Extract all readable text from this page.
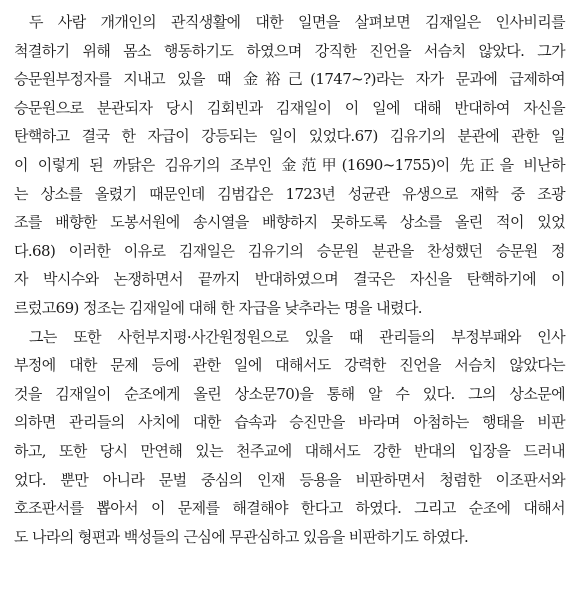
두 사람 개개인의 관직생활에 대한 일면을 살펴보면 김재일은 인사비리를
척결하기 위해 몸소 행동하기도 하였으며 강직한 진언을 서슴치 않았다. 그가
승문원부정자를 지내고 있을 때 金裕己(1747~?)라는 자가 문과에 급제하여
승문원으로 분관되자 당시 김회빈과 김재일이 이 일에 대해 반대하여 자신을
탄핵하고 결국 한 자급이 강등되는 일이 있었다.67) 김유기의 분관에 관한 일
이 이렇게 된 까닭은 김유기의 조부인 金范甲(1690~1755)이 先正을 비난하
는 상소를 올렸기 때문인데 김범갑은 1723년 성균관 유생으로 재학 중 조광
조를 배향한 도봉서원에 송시열을 배향하지 못하도록 상소를 올린 적이 있었
다.68) 이러한 이유로 김재일은 김유기의 승문원 분관을 찬성했던 승문원 정
자 박시수와 논쟁하면서 끝까지 반대하였으며 결국은 자신을 탄핵하기에 이
르렀고69) 정조는 김재일에 대해 한 자급을 낮추라는 명을 내렸다.
그는 또한 사헌부지평·사간원정원으로 있을 때 관리들의 부정부패와 인사
부정에 대한 문제 등에 관한 일에 대해서도 강력한 진언을 서슴치 않았다는
것을 김재일이 순조에게 올린 상소문70)을 통해 알 수 있다. 그의 상소문에
의하면 관리들의 사치에 대한 습속과 승진만을 바라며 아첨하는 행태을 비판
하고, 또한 당시 만연해 있는 천주교에 대해서도 강한 반대의 입장을 드러내
었다. 뿐만 아니라 문벌 중심의 인재 등용을 비판하면서 청렴한 이조판서와
호조판서를 뽑아서 이 문제를 해결해야 한다고 하였다. 그리고 순조에 대해서
도 나라의 형편과 백성들의 근심에 무관심하고 있음을 비판하기도 하였다.
